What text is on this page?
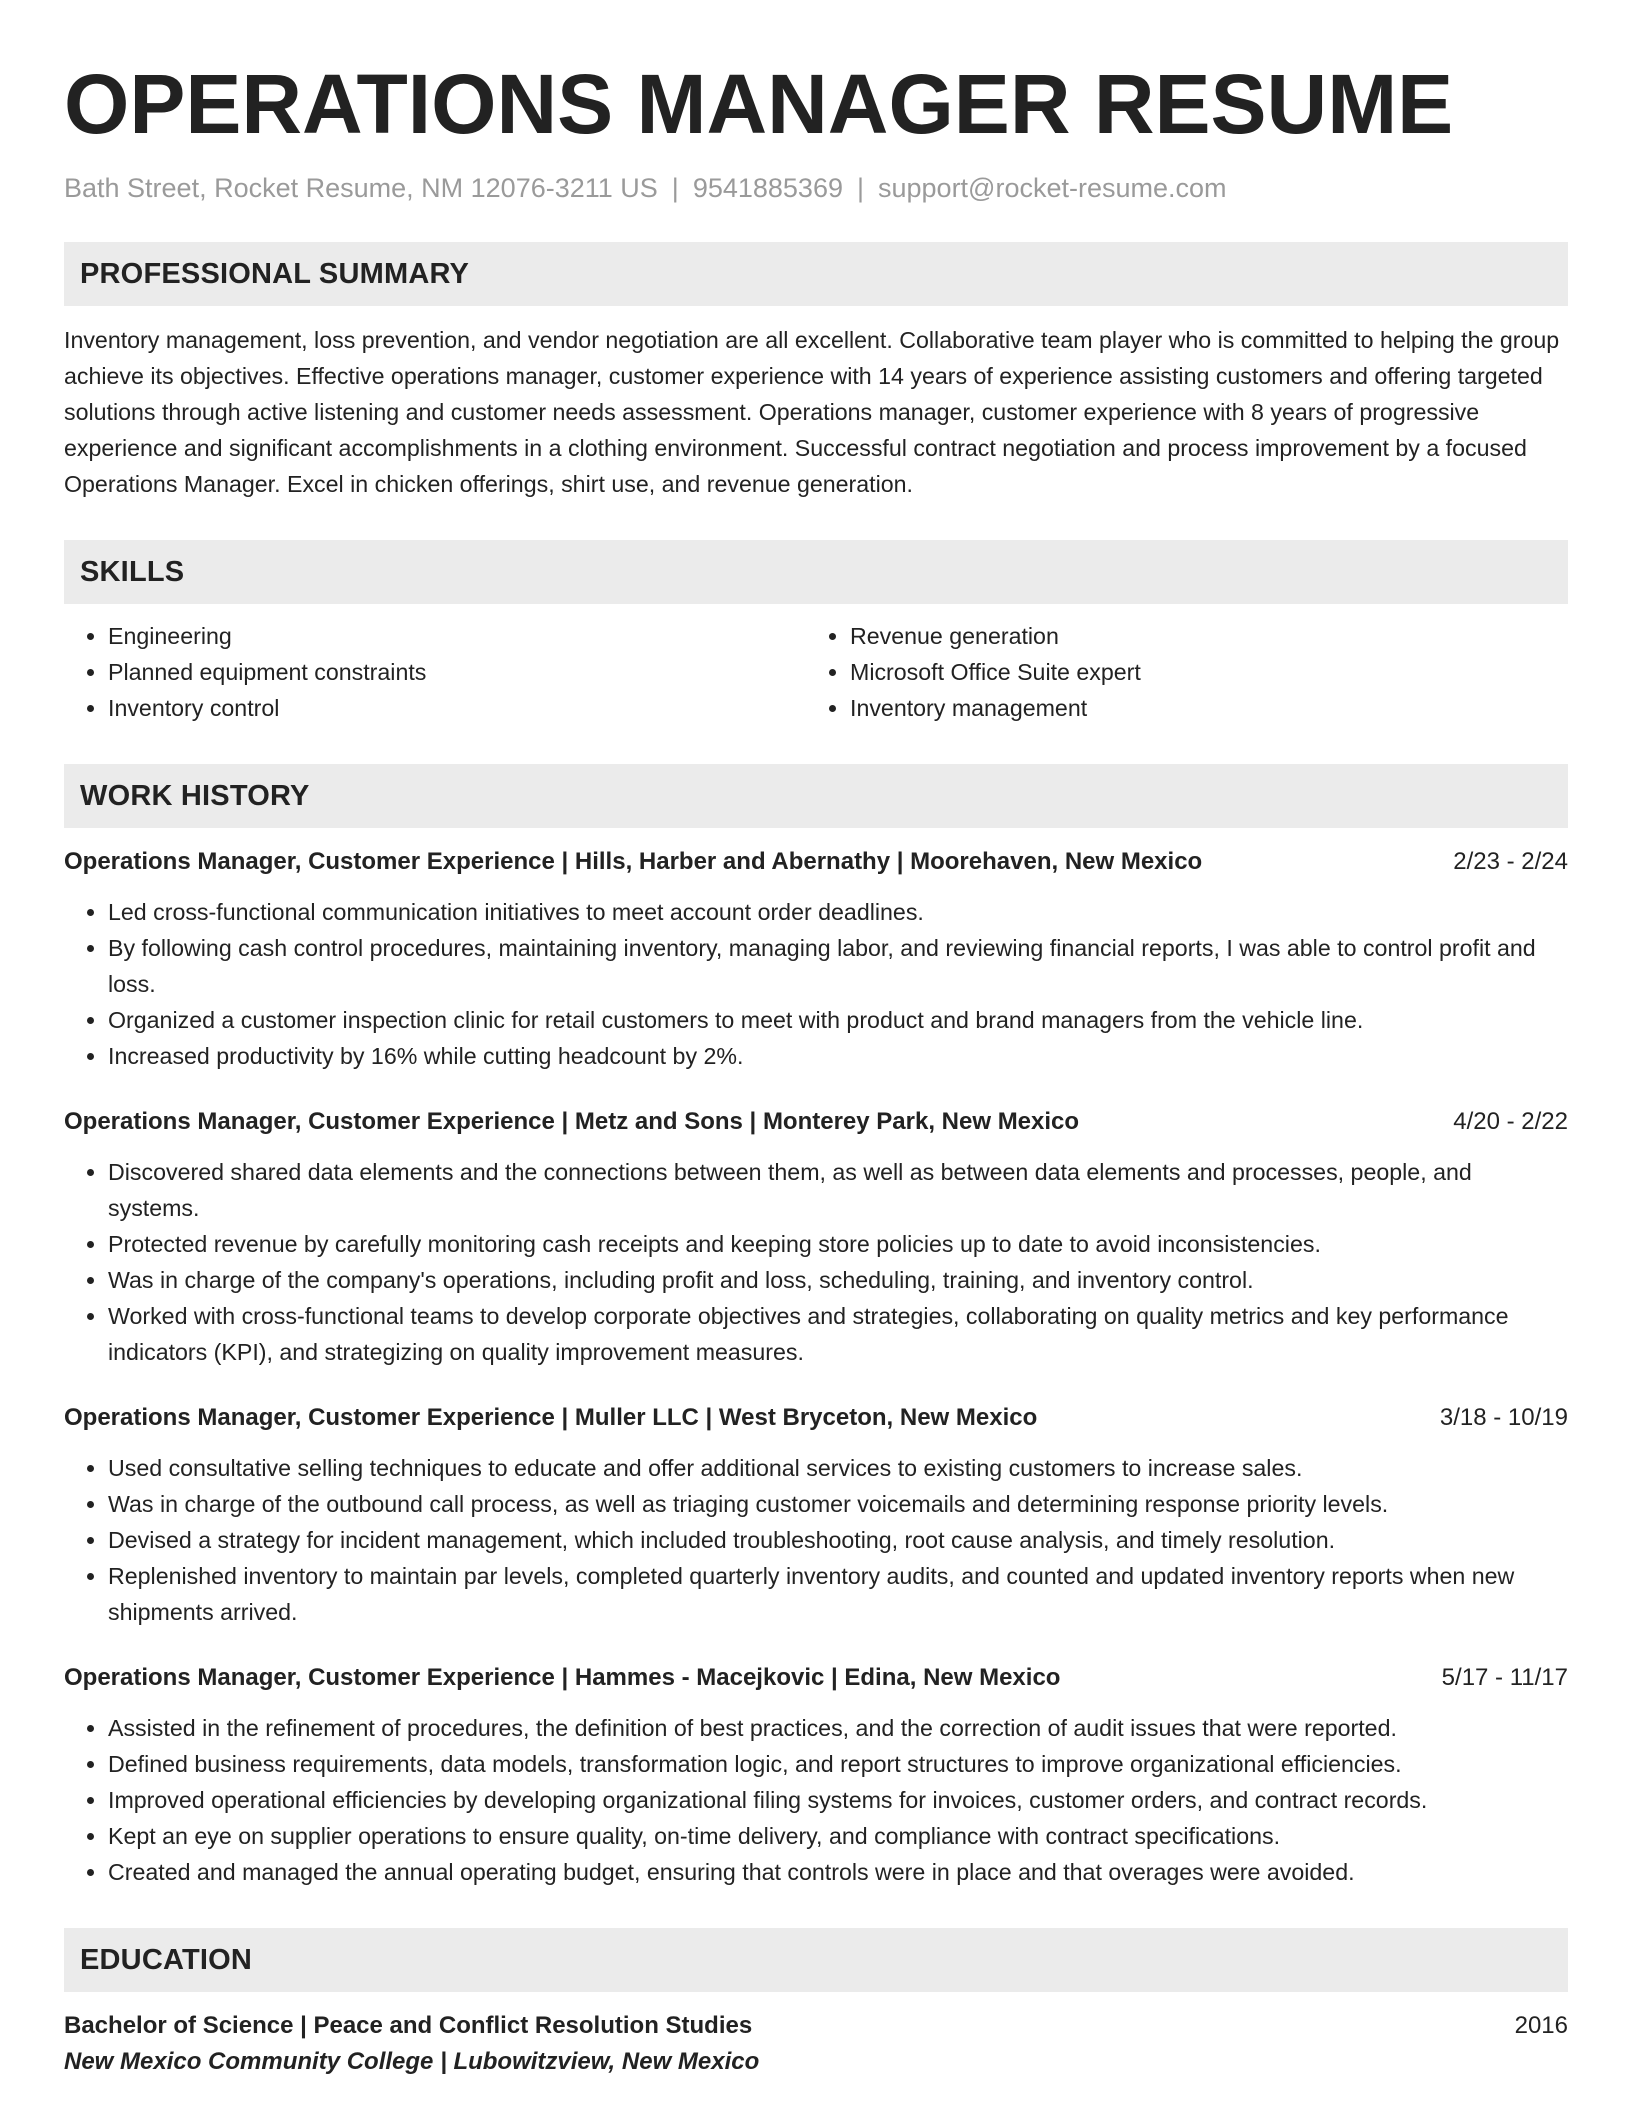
OPERATIONS MANAGER RESUME
Bath Street, Rocket Resume, NM 12076-3211 US | 9541885369 | support@rocket-resume.com
PROFESSIONAL SUMMARY

Inventory management, loss prevention, and vendor negotiation are all excellent. Collaborative team player who is committed to helping the group achieve its objectives. Effective operations manager, customer experience with 14 years of experience assisting customers and offering targeted solutions through active listening and customer needs assessment. Operations manager, customer experience with 8 years of progressive experience and significant accomplishments in a clothing environment. Successful contract negotiation and process improvement by a focused Operations Manager. Excel in chicken offerings, shirt use, and revenue generation.

SKILLS
• Engineering
• Planned equipment constraints
• Inventory control
• Revenue generation
• Microsoft Office Suite expert
• Inventory management
WORK HISTORY
Operations Manager, Customer Experience | Hills, Harber and Abernathy | Moorehaven, New Mexico	2/23 - 2/24
• Led cross-functional communication initiatives to meet account order deadlines.
• By following cash control procedures, maintaining inventory, managing labor, and reviewing financial reports, I was able to control profit and loss.
• Organized a customer inspection clinic for retail customers to meet with product and brand managers from the vehicle line.
• Increased productivity by 16% while cutting headcount by 2%.
Operations Manager, Customer Experience | Metz and Sons | Monterey Park, New Mexico	4/20 - 2/22
• Discovered shared data elements and the connections between them, as well as between data elements and processes, people, and systems.
• Protected revenue by carefully monitoring cash receipts and keeping store policies up to date to avoid inconsistencies.
• Was in charge of the company's operations, including profit and loss, scheduling, training, and inventory control.
• Worked with cross-functional teams to develop corporate objectives and strategies, collaborating on quality metrics and key performance indicators (KPI), and strategizing on quality improvement measures.
Operations Manager, Customer Experience | Muller LLC | West Bryceton, New Mexico	3/18 - 10/19
• Used consultative selling techniques to educate and offer additional services to existing customers to increase sales.
• Was in charge of the outbound call process, as well as triaging customer voicemails and determining response priority levels.
• Devised a strategy for incident management, which included troubleshooting, root cause analysis, and timely resolution.
• Replenished inventory to maintain par levels, completed quarterly inventory audits, and counted and updated inventory reports when new shipments arrived.
Operations Manager, Customer Experience | Hammes - Macejkovic | Edina, New Mexico	5/17 - 11/17
• Assisted in the refinement of procedures, the definition of best practices, and the correction of audit issues that were reported.
• Defined business requirements, data models, transformation logic, and report structures to improve organizational efficiencies.
• Improved operational efficiencies by developing organizational filing systems for invoices, customer orders, and contract records.
• Kept an eye on supplier operations to ensure quality, on-time delivery, and compliance with contract specifications.
• Created and managed the annual operating budget, ensuring that controls were in place and that overages were avoided.
EDUCATION
Bachelor of Science | Peace and Conflict Resolution Studies	2016
New Mexico Community College | Lubowitzview, New Mexico
